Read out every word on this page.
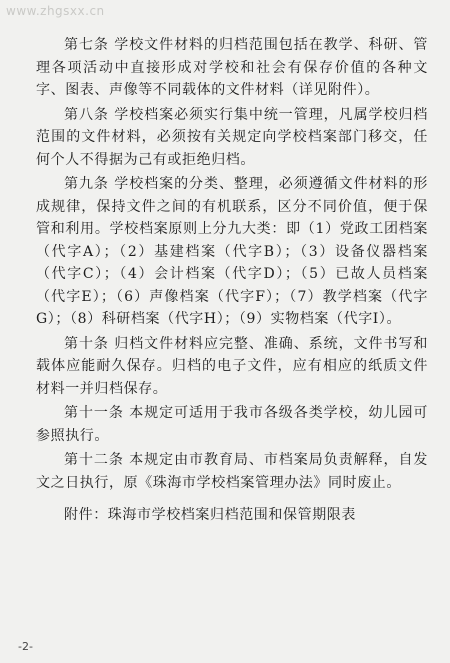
www.zhgsxx.cn

第七条 学校文件材料的归档范围包括在教学、科研、管理各项活动中直接形成对学校和社会有保存价值的各种文字、图表、声像等不同载体的文件材料（详见附件）。

第八条 学校档案必须实行集中统一管理，凡属学校归档范围的文件材料，必须按有关规定向学校档案部门移交，任何个人不得据为己有或拒绝归档。

第九条 学校档案的分类、整理，必须遵循文件材料的形成规律，保持文件之间的有机联系，区分不同价值，便于保管和利用。学校档案原则上分九大类：即（1）党政工团档案（代字A）；（2）基建档案（代字B）；（3）设备仪器档案（代字C）；（4）会计档案（代字D）；（5）已故人员档案（代字E）；（6）声像档案（代字F）；（7）教学档案（代字G）；（8）科研档案（代字H）；（9）实物档案（代字I）。

第十条 归档文件材料应完整、准确、系统，文件书写和载体应能耐久保存。归档的电子文件，应有相应的纸质文件材料一并归档保存。

第十一条 本规定可适用于我市各级各类学校，幼儿园可参照执行。

第十二条 本规定由市教育局、市档案局负责解释，自发文之日执行，原《珠海市学校档案管理办法》同时废止。

附件：珠海市学校档案归档范围和保管期限表

-2-
